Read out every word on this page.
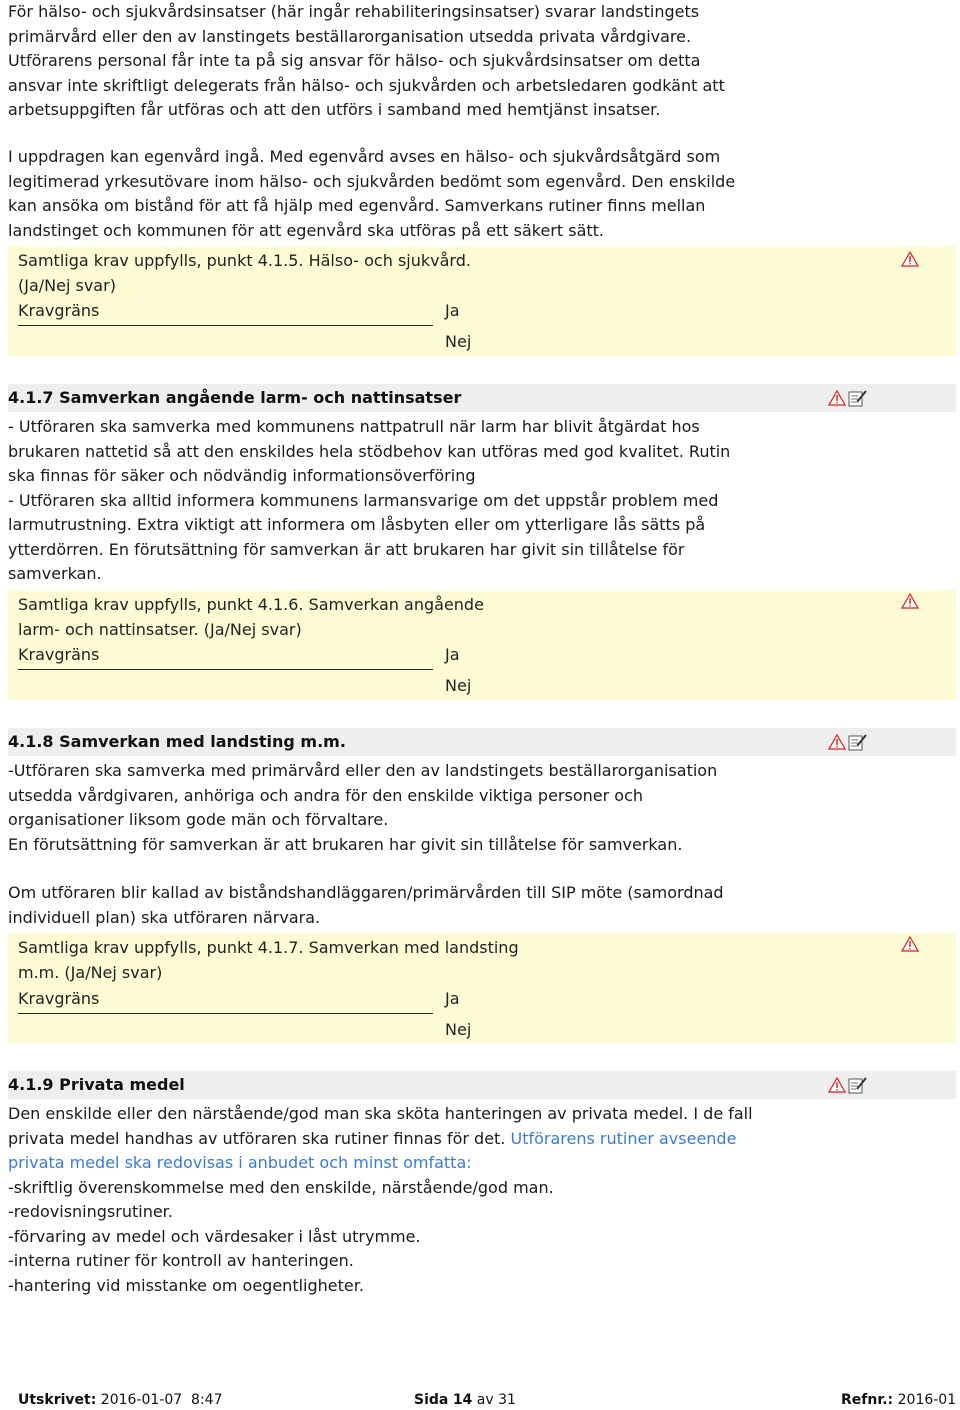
För hälso- och sjukvårdsinsatser (här ingår rehabiliteringsinsatser) svarar landstingets
primärvård eller den av lanstingets beställarorganisation utsedda privata vårdgivare.
Utförarens personal får inte ta på sig ansvar för hälso- och sjukvårdsinsatser om detta
ansvar inte skriftligt delegerats från hälso- och sjukvården och arbetsledaren godkänt att
arbetsuppgiften får utföras och att den utförs i samband med hemtjänst insatser.
I uppdragen kan egenvård ingå. Med egenvård avses en hälso- och sjukvårdsåtgärd som
legitimerad yrkesutövare inom hälso- och sjukvården bedömt som egenvård. Den enskilde
kan ansöka om bistånd för att få hjälp med egenvård. Samverkans rutiner finns mellan
landstinget och kommunen för att egenvård ska utföras på ett säkert sätt.
Samtliga krav uppfylls, punkt 4.1.5. Hälso- och sjukvård.
(Ja/Nej svar)
Kravgräns	Ja
Nej
4.1.7 Samverkan angående larm- och nattinsatser
- Utföraren ska samverka med kommunens nattpatrull när larm har blivit åtgärdat hos
brukaren nattetid så att den enskildes hela stödbehov kan utföras med god kvalitet. Rutin
ska finnas för säker och nödvändig informationsöverföring
- Utföraren ska alltid informera kommunens larmansvarige om det uppstår problem med
larmutrustning. Extra viktigt att informera om låsbyten eller om ytterligare lås sätts på
ytterdörren. En förutsättning för samverkan är att brukaren har givit sin tillåtelse för
samverkan.
Samtliga krav uppfylls, punkt 4.1.6. Samverkan angående
larm- och nattinsatser. (Ja/Nej svar)
Kravgräns	Ja
Nej
4.1.8 Samverkan med landsting m.m.
-Utföraren ska samverka med primärvård eller den av landstingets beställarorganisation
utsedda vårdgivaren, anhöriga och andra för den enskilde viktiga personer och
organisationer liksom gode män och förvaltare.
En förutsättning för samverkan är att brukaren har givit sin tillåtelse för samverkan.
Om utföraren blir kallad av biståndshandläggaren/primärvården till SIP möte (samordnad
individuell plan) ska utföraren närvara.
Samtliga krav uppfylls, punkt 4.1.7. Samverkan med landsting
m.m. (Ja/Nej svar)
Kravgräns	Ja
Nej
4.1.9 Privata medel
Den enskilde eller den närstående/god man ska sköta hanteringen av privata medel. I de fall
privata medel handhas av utföraren ska rutiner finnas för det. Utförarens rutiner avseende
privata medel ska redovisas i anbudet och minst omfatta:
-skriftlig överenskommelse med den enskilde, närstående/god man.
-redovisningsrutiner.
-förvaring av medel och värdesaker i låst utrymme.
-interna rutiner för kontroll av hanteringen.
-hantering vid misstanke om oegentligheter.
Utskrivet: 2016-01-07  8:47	Sida 14 av 31	Refnr.: 2016-01
